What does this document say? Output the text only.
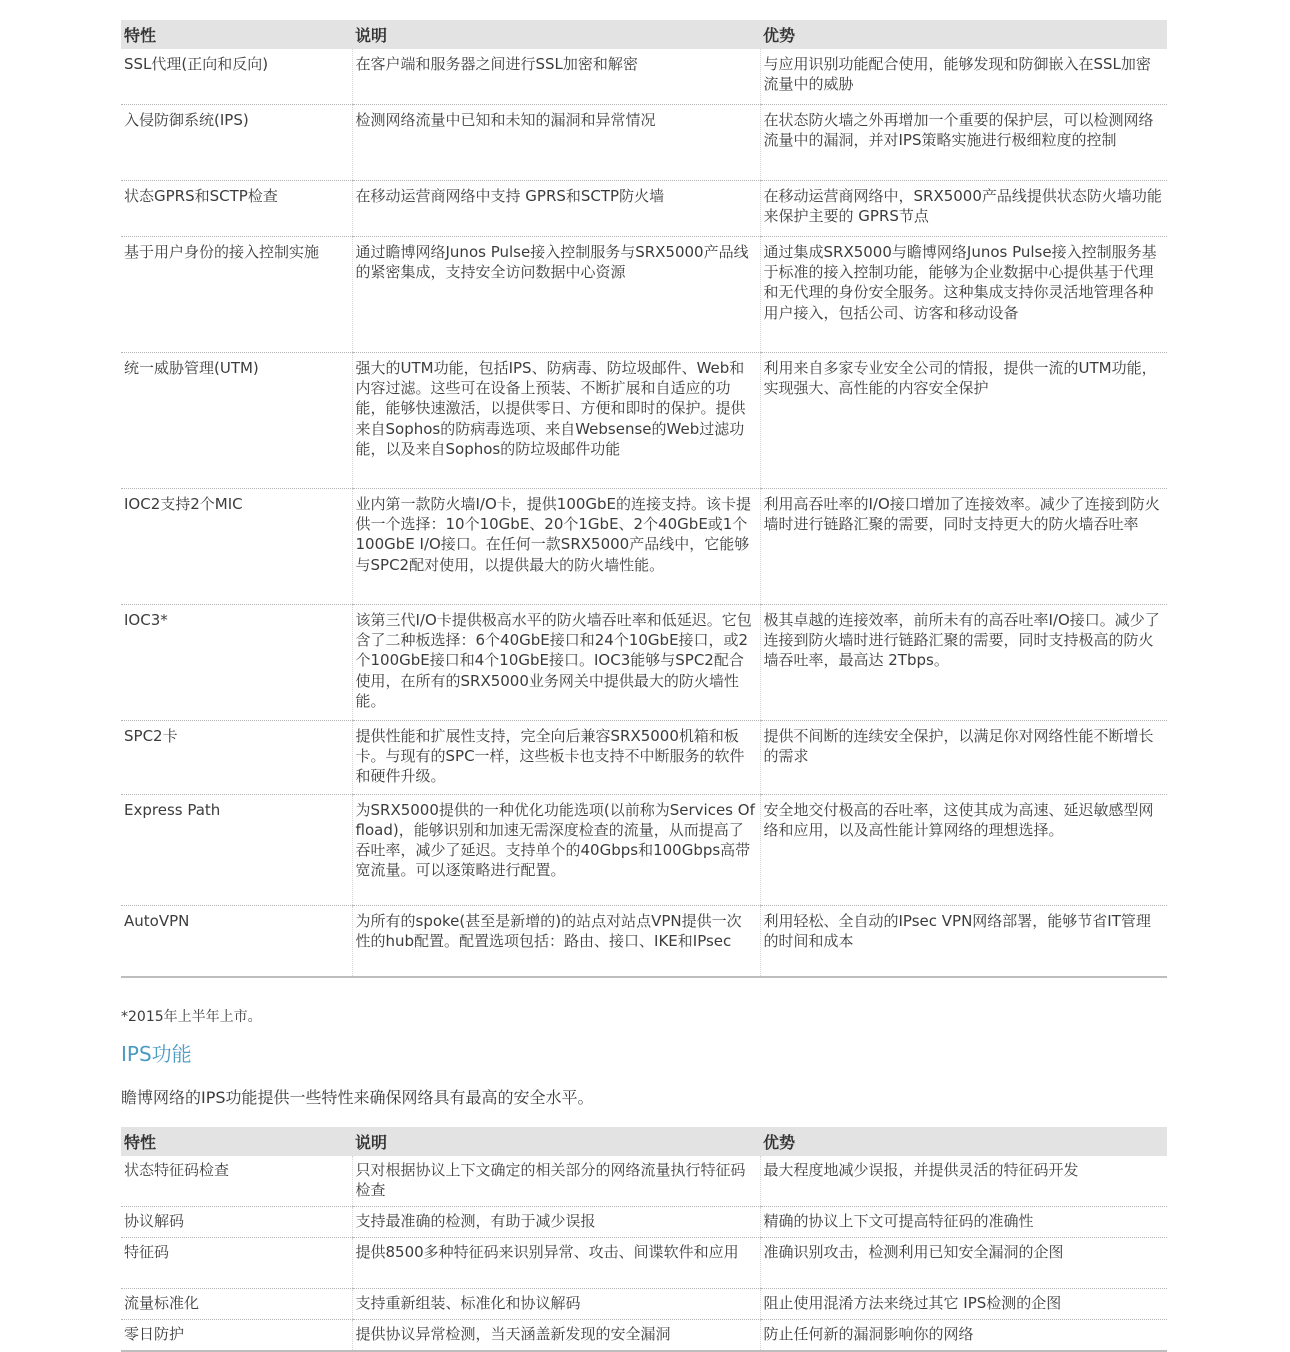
特性	说明	优势
SSL代理(正向和反向)	在客户端和服务器之间进行SSL加密和解密	与应用识别功能配合使用，能够发现和防御嵌入在SSL加密流量中的威胁
入侵防御系统(IPS)	检测网络流量中已知和未知的漏洞和异常情况	在状态防火墙之外再增加一个重要的保护层，可以检测网络流量中的漏洞，并对IPS策略实施进行极细粒度的控制
状态GPRS和SCTP检查	在移动运营商网络中支持 GPRS和SCTP防火墙	在移动运营商网络中，SRX5000产品线提供状态防火墙功能来保护主要的 GPRS节点
基于用户身份的接入控制实施	通过瞻博网络Junos Pulse接入控制服务与SRX5000产品线的紧密集成，支持安全访问数据中心资源	通过集成SRX5000与瞻博网络Junos Pulse接入控制服务基于标准的接入控制功能，能够为企业数据中心提供基于代理和无代理的身份安全服务。这种集成支持你灵活地管理各种用户接入，包括公司、访客和移动设备
统一威胁管理(UTM)	强大的UTM功能，包括IPS、防病毒、防垃圾邮件、Web和内容过滤。这些可在设备上预装、不断扩展和自适应的功能，能够快速激活，以提供零日、方便和即时的保护。提供来自Sophos的防病毒选项、来自Websense的Web过滤功能，以及来自Sophos的防垃圾邮件功能	利用来自多家专业安全公司的情报，提供一流的UTM功能，实现强大、高性能的内容安全保护
IOC2支持2个MIC	业内第一款防火墙I/O卡，提供100GbE的连接支持。该卡提供一个选择：10个10GbE、20个1GbE、2个40GbE或1个100GbE I/O接口。在任何一款SRX5000产品线中，它能够与SPC2配对使用，以提供最大的防火墙性能。	利用高吞吐率的I/O接口增加了连接效率。减少了连接到防火墙时进行链路汇聚的需要，同时支持更大的防火墙吞吐率
IOC3*	该第三代I/O卡提供极高水平的防火墙吞吐率和低延迟。它包含了二种板选择：6个40GbE接口和24个10GbE接口，或2个100GbE接口和4个10GbE接口。IOC3能够与SPC2配合使用，在所有的SRX5000业务网关中提供最大的防火墙性能。	极其卓越的连接效率，前所未有的高吞吐率I/O接口。减少了连接到防火墙时进行链路汇聚的需要，同时支持极高的防火墙吞吐率，最高达 2Tbps。
SPC2卡	提供性能和扩展性支持，完全向后兼容SRX5000机箱和板卡。与现有的SPC一样，这些板卡也支持不中断服务的软件和硬件升级。	提供不间断的连续安全保护，以满足你对网络性能不断增长的需求
Express Path	为SRX5000提供的一种优化功能选项(以前称为Services Offload)，能够识别和加速无需深度检查的流量，从而提高了吞吐率，减少了延迟。支持单个的40Gbps和100Gbps高带宽流量。可以逐策略进行配置。	安全地交付极高的吞吐率，这使其成为高速、延迟敏感型网络和应用，以及高性能计算网络的理想选择。
AutoVPN	为所有的spoke(甚至是新增的)的站点对站点VPN提供一次性的hub配置。配置选项包括：路由、接口、IKE和IPsec	利用轻松、全自动的IPsec VPN网络部署，能够节省IT管理的时间和成本
*2015年上半年上市。
IPS功能
瞻博网络的IPS功能提供一些特性来确保网络具有最高的安全水平。
特性	说明	优势
状态特征码检查	只对根据协议上下文确定的相关部分的网络流量执行特征码检查	最大程度地减少误报，并提供灵活的特征码开发
协议解码	支持最准确的检测，有助于减少误报	精确的协议上下文可提高特征码的准确性
特征码	提供8500多种特征码来识别异常、攻击、间谍软件和应用	准确识别攻击，检测利用已知安全漏洞的企图
流量标准化	支持重新组装、标准化和协议解码	阻止使用混淆方法来绕过其它 IPS检测的企图
零日防护	提供协议异常检测，当天涵盖新发现的安全漏洞	防止任何新的漏洞影响你的网络
